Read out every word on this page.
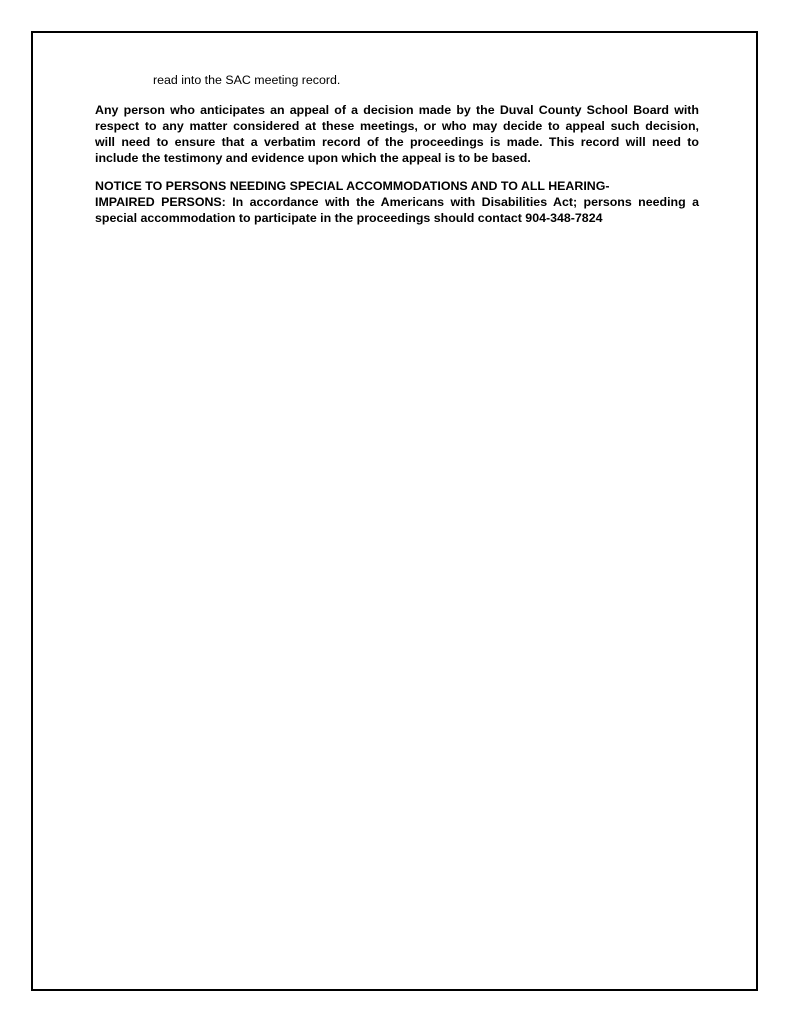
read into the SAC meeting record.
Any person who anticipates an appeal of a decision made by the Duval County School Board with
respect to any matter considered at these meetings, or who may decide to appeal such decision,
will need to ensure that a verbatim record of the proceedings is made. This record will need to
include the testimony and evidence upon which the appeal is to be based.
NOTICE TO PERSONS NEEDING SPECIAL ACCOMMODATIONS AND TO ALL HEARING-
IMPAIRED PERSONS: In accordance with the Americans with Disabilities Act; persons needing a
special accommodation to participate in the proceedings should contact 904-348-7824
